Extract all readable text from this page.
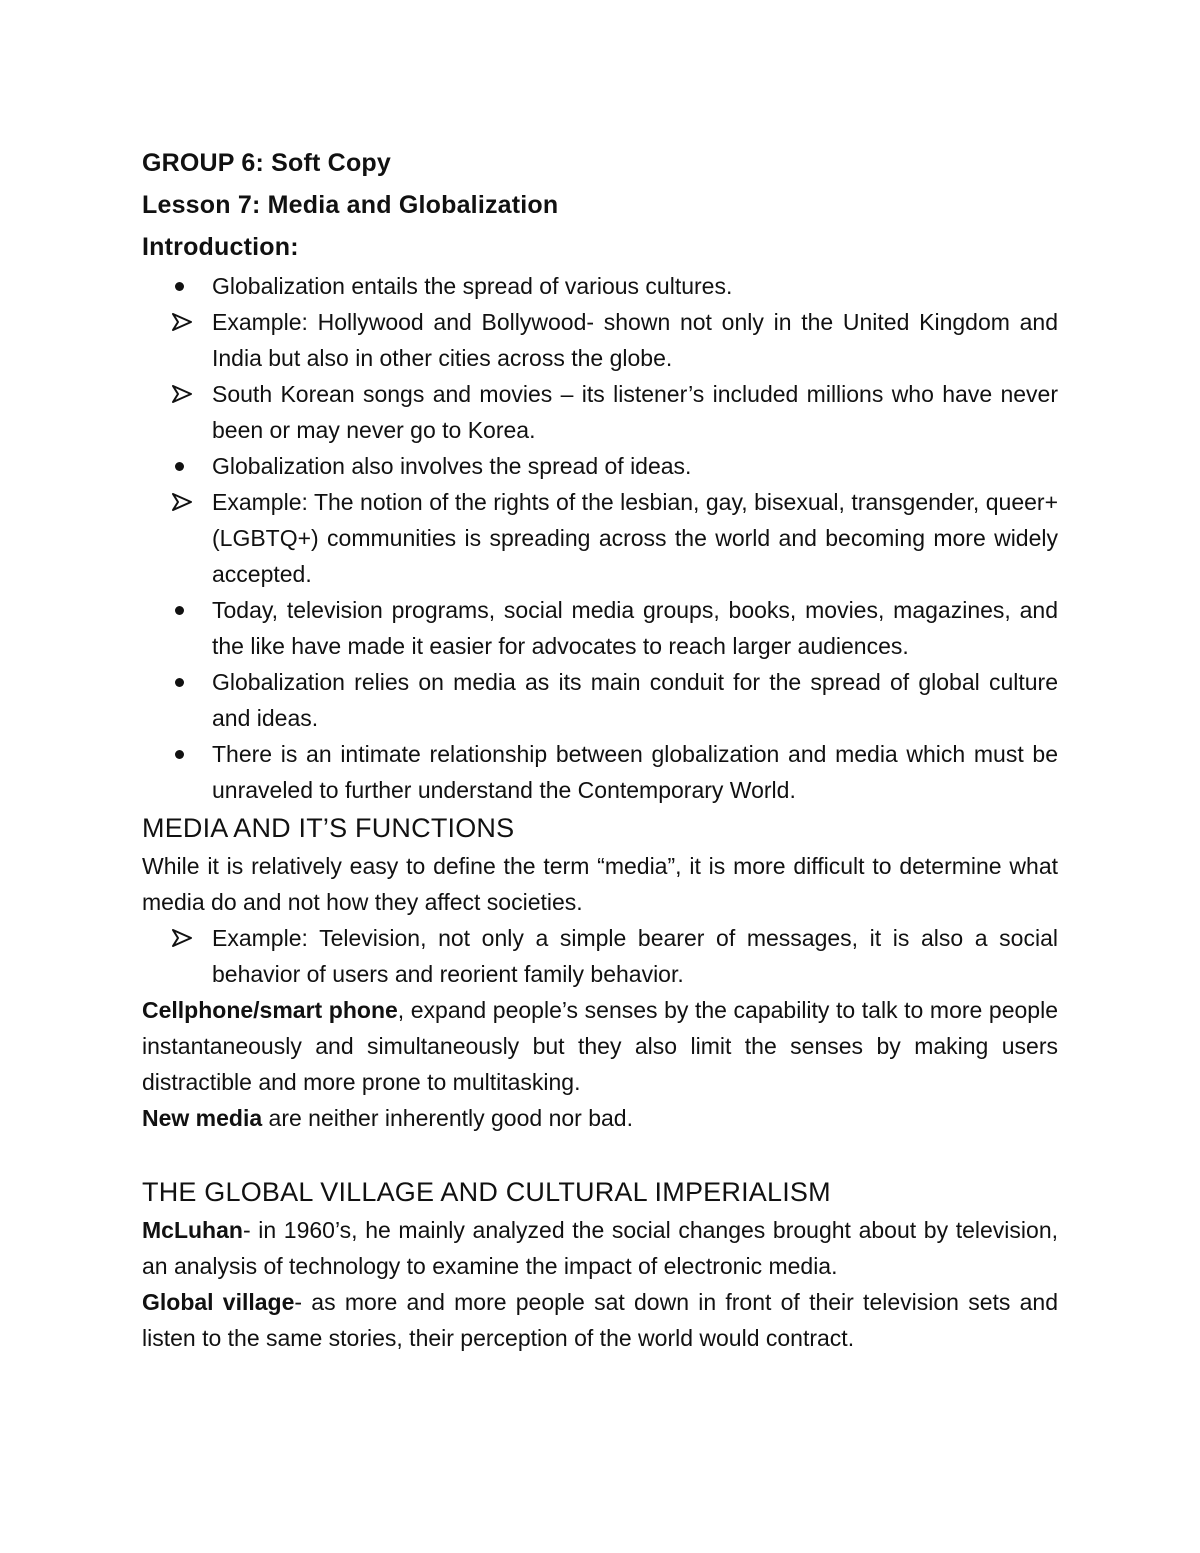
GROUP 6: Soft Copy

Lesson 7: Media and Globalization

Introduction:

Globalization entails the spread of various cultures.
Example: Hollywood and Bollywood- shown not only in the United Kingdom and India but also in other cities across the globe.
South Korean songs and movies – its listener’s included millions who have never been or may never go to Korea.
Globalization also involves the spread of ideas.
Example: The notion of the rights of the lesbian, gay, bisexual, transgender, queer+ (LGBTQ+) communities is spreading across the world and becoming more widely accepted.
Today, television programs, social media groups, books, movies, magazines, and the like have made it easier for advocates to reach larger audiences.
Globalization relies on media as its main conduit for the spread of global culture and ideas.
There is an intimate relationship between globalization and media which must be unraveled to further understand the Contemporary World.

MEDIA AND IT’S FUNCTIONS

While it is relatively easy to define the term “media”, it is more difficult to determine what media do and not how they affect societies.

Example: Television, not only a simple bearer of messages, it is also a social behavior of users and reorient family behavior.

Cellphone/smart phone, expand people’s senses by the capability to talk to more people instantaneously and simultaneously but they also limit the senses by making users distractible and more prone to multitasking.

New media are neither inherently good nor bad.

THE GLOBAL VILLAGE AND CULTURAL IMPERIALISM

McLuhan- in 1960’s, he mainly analyzed the social changes brought about by television, an analysis of technology to examine the impact of electronic media.

Global village- as more and more people sat down in front of their television sets and listen to the same stories, their perception of the world would contract.
